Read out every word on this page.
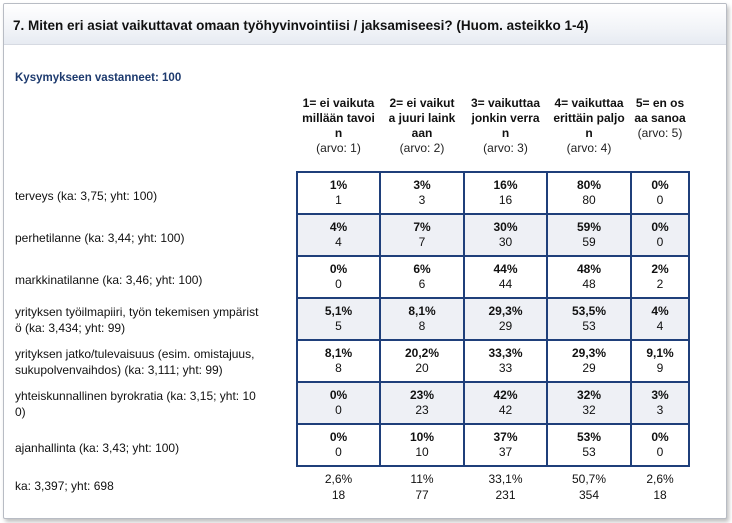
7. Miten eri asiat vaikuttavat omaan työhyvinvointiisi / jaksamiseesi? (Huom. asteikko 1-4)
Kysymykseen vastanneet: 100
1= ei vaikuta
millään tavoi
n
(arvo: 1)
2= ei vaikut
a juuri laink
aan
(arvo: 2)
3= vaikuttaa
jonkin verra
n
(arvo: 3)
4= vaikuttaa
erittäin paljo
n
(arvo: 4)
5= en os
aa sanoa
(arvo: 5)
terveys (ka: 3,75; yht: 100)
1%
1
3%
3
16%
16
80%
80
0%
0
perhetilanne (ka: 3,44; yht: 100)
4%
4
7%
7
30%
30
59%
59
0%
0
markkinatilanne (ka: 3,46; yht: 100)
0%
0
6%
6
44%
44
48%
48
2%
2
yrityksen työilmapiiri, työn tekemisen ympärist
ö (ka: 3,434; yht: 99)
5,1%
5
8,1%
8
29,3%
29
53,5%
53
4%
4
yrityksen jatko/tulevaisuus (esim. omistajuus,
sukupolvenvaihdos) (ka: 3,111; yht: 99)
8,1%
8
20,2%
20
33,3%
33
29,3%
29
9,1%
9
yhteiskunnallinen byrokratia (ka: 3,15; yht: 10
0)
0%
0
23%
23
42%
42
32%
32
3%
3
ajanhallinta (ka: 3,43; yht: 100)
0%
0
10%
10
37%
37
53%
53
0%
0
ka: 3,397; yht: 698	2,6%
18
11%
77
33,1%
231
50,7%
354
2,6%
18
